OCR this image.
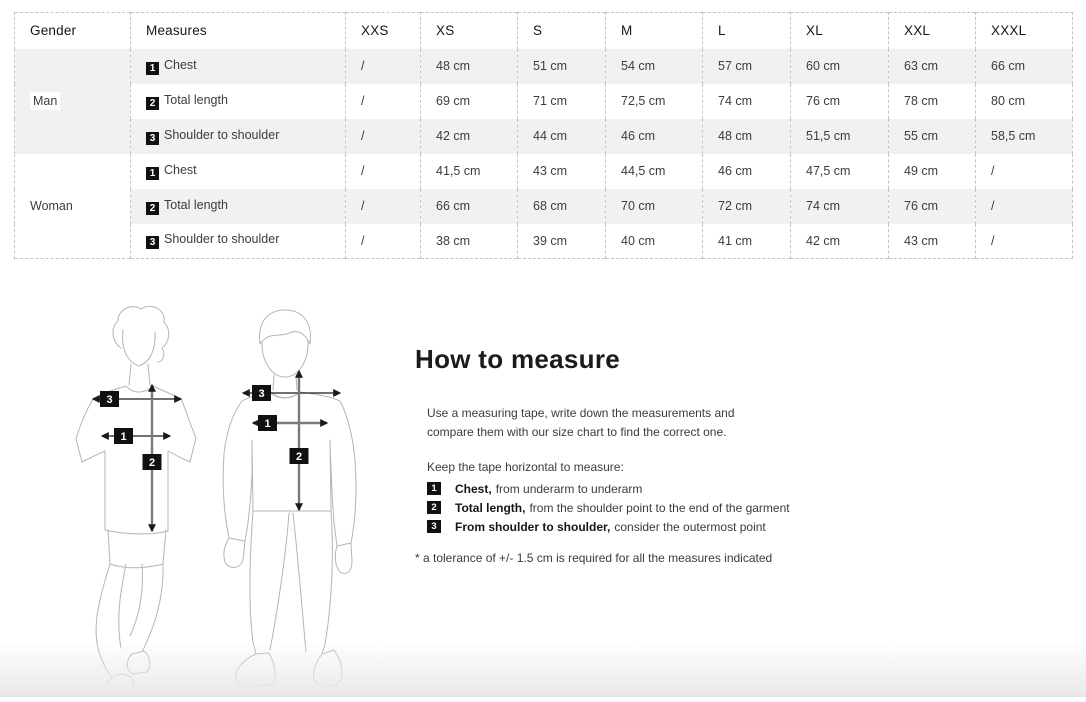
Gender	Measures	XXS	XS	S	M	L	XL	XXL	XXXL
Man	1 Chest	/	48 cm	51 cm	54 cm	57 cm	60 cm	63 cm	66 cm
	2 Total length	/	69 cm	71 cm	72,5 cm	74 cm	76 cm	78 cm	80 cm
	3 Shoulder to shoulder	/	42 cm	44 cm	46 cm	48 cm	51,5 cm	55 cm	58,5 cm
Woman	1 Chest	/	41,5 cm	43 cm	44,5 cm	46 cm	47,5 cm	49 cm	/
	2 Total length	/	66 cm	68 cm	70 cm	72 cm	74 cm	76 cm	/
	3 Shoulder to shoulder	/	38 cm	39 cm	40 cm	41 cm	42 cm	43 cm	/
3
1
2
3
1
2
How to measure

Use a measuring tape, write down the measurements and
compare them with our size chart to find the correct one.

Keep the tape horizontal to measure:

1	Chest, from underarm to underarm
2	Total length, from the shoulder point to the end of the garment
3	From shoulder to shoulder, consider the outermost point

* a tolerance of +/- 1.5 cm is required for all the measures indicated
